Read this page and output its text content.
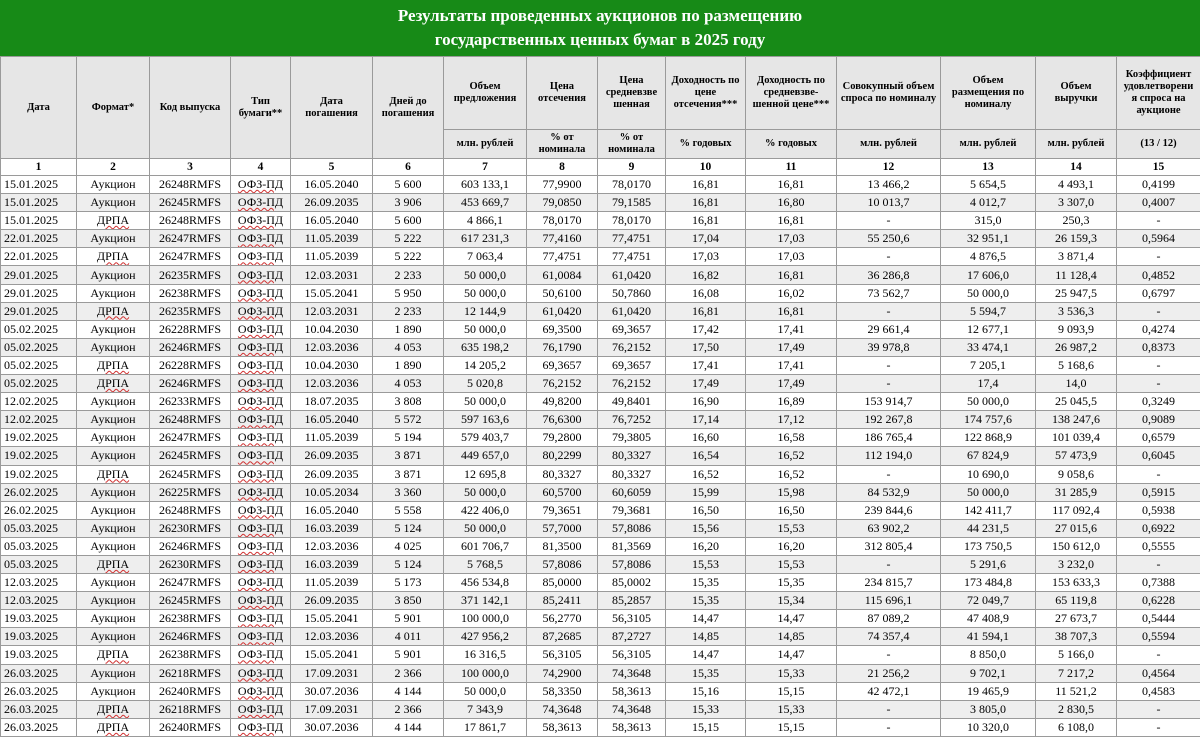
Результаты проведенных аукционов по размещению
государственных ценных бумаг в 2025 году
Дата	Формат*	Код выпуска	Тип бумаги**	Дата погашения	Дней до погашения	Объем предложения	Цена отсечения	Цена средневзве шенная	Доходность по цене отсечения***	Доходность по средневзве-шенной цене***	Совокупный объем спроса по номиналу	Объем размещения по номиналу	Объем выручки	Коэффициент удовлетворени я спроса на аукционе
						млн. рублей	% от номинала	% от номинала	% годовых	% годовых	млн. рублей	млн. рублей	млн. рублей	(13 / 12)
1	2	3	4	5	6	7	8	9	10	11	12	13	14	15
15.01.2025	Аукцион	26248RMFS	ОФЗ-ПД	16.05.2040	5 600	603 133,1	77,9900	78,0170	16,81	16,81	13 466,2	5 654,5	4 493,1	0,4199
15.01.2025	Аукцион	26245RMFS	ОФЗ-ПД	26.09.2035	3 906	453 669,7	79,0850	79,1585	16,81	16,80	10 013,7	4 012,7	3 307,0	0,4007
15.01.2025	ДРПА	26248RMFS	ОФЗ-ПД	16.05.2040	5 600	4 866,1	78,0170	78,0170	16,81	16,81	-	315,0	250,3	-
22.01.2025	Аукцион	26247RMFS	ОФЗ-ПД	11.05.2039	5 222	617 231,3	77,4160	77,4751	17,04	17,03	55 250,6	32 951,1	26 159,3	0,5964
22.01.2025	ДРПА	26247RMFS	ОФЗ-ПД	11.05.2039	5 222	7 063,4	77,4751	77,4751	17,03	17,03	-	4 876,5	3 871,4	-
29.01.2025	Аукцион	26235RMFS	ОФЗ-ПД	12.03.2031	2 233	50 000,0	61,0084	61,0420	16,82	16,81	36 286,8	17 606,0	11 128,4	0,4852
29.01.2025	Аукцион	26238RMFS	ОФЗ-ПД	15.05.2041	5 950	50 000,0	50,6100	50,7860	16,08	16,02	73 562,7	50 000,0	25 947,5	0,6797
29.01.2025	ДРПА	26235RMFS	ОФЗ-ПД	12.03.2031	2 233	12 144,9	61,0420	61,0420	16,81	16,81	-	5 594,7	3 536,3	-
05.02.2025	Аукцион	26228RMFS	ОФЗ-ПД	10.04.2030	1 890	50 000,0	69,3500	69,3657	17,42	17,41	29 661,4	12 677,1	9 093,9	0,4274
05.02.2025	Аукцион	26246RMFS	ОФЗ-ПД	12.03.2036	4 053	635 198,2	76,1790	76,2152	17,50	17,49	39 978,8	33 474,1	26 987,2	0,8373
05.02.2025	ДРПА	26228RMFS	ОФЗ-ПД	10.04.2030	1 890	14 205,2	69,3657	69,3657	17,41	17,41	-	7 205,1	5 168,6	-
05.02.2025	ДРПА	26246RMFS	ОФЗ-ПД	12.03.2036	4 053	5 020,8	76,2152	76,2152	17,49	17,49	-	17,4	14,0	-
12.02.2025	Аукцион	26233RMFS	ОФЗ-ПД	18.07.2035	3 808	50 000,0	49,8200	49,8401	16,90	16,89	153 914,7	50 000,0	25 045,5	0,3249
12.02.2025	Аукцион	26248RMFS	ОФЗ-ПД	16.05.2040	5 572	597 163,6	76,6300	76,7252	17,14	17,12	192 267,8	174 757,6	138 247,6	0,9089
19.02.2025	Аукцион	26247RMFS	ОФЗ-ПД	11.05.2039	5 194	579 403,7	79,2800	79,3805	16,60	16,58	186 765,4	122 868,9	101 039,4	0,6579
19.02.2025	Аукцион	26245RMFS	ОФЗ-ПД	26.09.2035	3 871	449 657,0	80,2299	80,3327	16,54	16,52	112 194,0	67 824,9	57 473,9	0,6045
19.02.2025	ДРПА	26245RMFS	ОФЗ-ПД	26.09.2035	3 871	12 695,8	80,3327	80,3327	16,52	16,52	-	10 690,0	9 058,6	-
26.02.2025	Аукцион	26225RMFS	ОФЗ-ПД	10.05.2034	3 360	50 000,0	60,5700	60,6059	15,99	15,98	84 532,9	50 000,0	31 285,9	0,5915
26.02.2025	Аукцион	26248RMFS	ОФЗ-ПД	16.05.2040	5 558	422 406,0	79,3651	79,3681	16,50	16,50	239 844,6	142 411,7	117 092,4	0,5938
05.03.2025	Аукцион	26230RMFS	ОФЗ-ПД	16.03.2039	5 124	50 000,0	57,7000	57,8086	15,56	15,53	63 902,2	44 231,5	27 015,6	0,6922
05.03.2025	Аукцион	26246RMFS	ОФЗ-ПД	12.03.2036	4 025	601 706,7	81,3500	81,3569	16,20	16,20	312 805,4	173 750,5	150 612,0	0,5555
05.03.2025	ДРПА	26230RMFS	ОФЗ-ПД	16.03.2039	5 124	5 768,5	57,8086	57,8086	15,53	15,53	-	5 291,6	3 232,0	-
12.03.2025	Аукцион	26247RMFS	ОФЗ-ПД	11.05.2039	5 173	456 534,8	85,0000	85,0002	15,35	15,35	234 815,7	173 484,8	153 633,3	0,7388
12.03.2025	Аукцион	26245RMFS	ОФЗ-ПД	26.09.2035	3 850	371 142,1	85,2411	85,2857	15,35	15,34	115 696,1	72 049,7	65 119,8	0,6228
19.03.2025	Аукцион	26238RMFS	ОФЗ-ПД	15.05.2041	5 901	100 000,0	56,2770	56,3105	14,47	14,47	87 089,2	47 408,9	27 673,7	0,5444
19.03.2025	Аукцион	26246RMFS	ОФЗ-ПД	12.03.2036	4 011	427 956,2	87,2685	87,2727	14,85	14,85	74 357,4	41 594,1	38 707,3	0,5594
19.03.2025	ДРПА	26238RMFS	ОФЗ-ПД	15.05.2041	5 901	16 316,5	56,3105	56,3105	14,47	14,47	-	8 850,0	5 166,0	-
26.03.2025	Аукцион	26218RMFS	ОФЗ-ПД	17.09.2031	2 366	100 000,0	74,2900	74,3648	15,35	15,33	21 256,2	9 702,1	7 217,2	0,4564
26.03.2025	Аукцион	26240RMFS	ОФЗ-ПД	30.07.2036	4 144	50 000,0	58,3350	58,3613	15,16	15,15	42 472,1	19 465,9	11 521,2	0,4583
26.03.2025	ДРПА	26218RMFS	ОФЗ-ПД	17.09.2031	2 366	7 343,9	74,3648	74,3648	15,33	15,33	-	3 805,0	2 830,5	-
26.03.2025	ДРПА	26240RMFS	ОФЗ-ПД	30.07.2036	4 144	17 861,7	58,3613	58,3613	15,15	15,15	-	10 320,0	6 108,0	-
